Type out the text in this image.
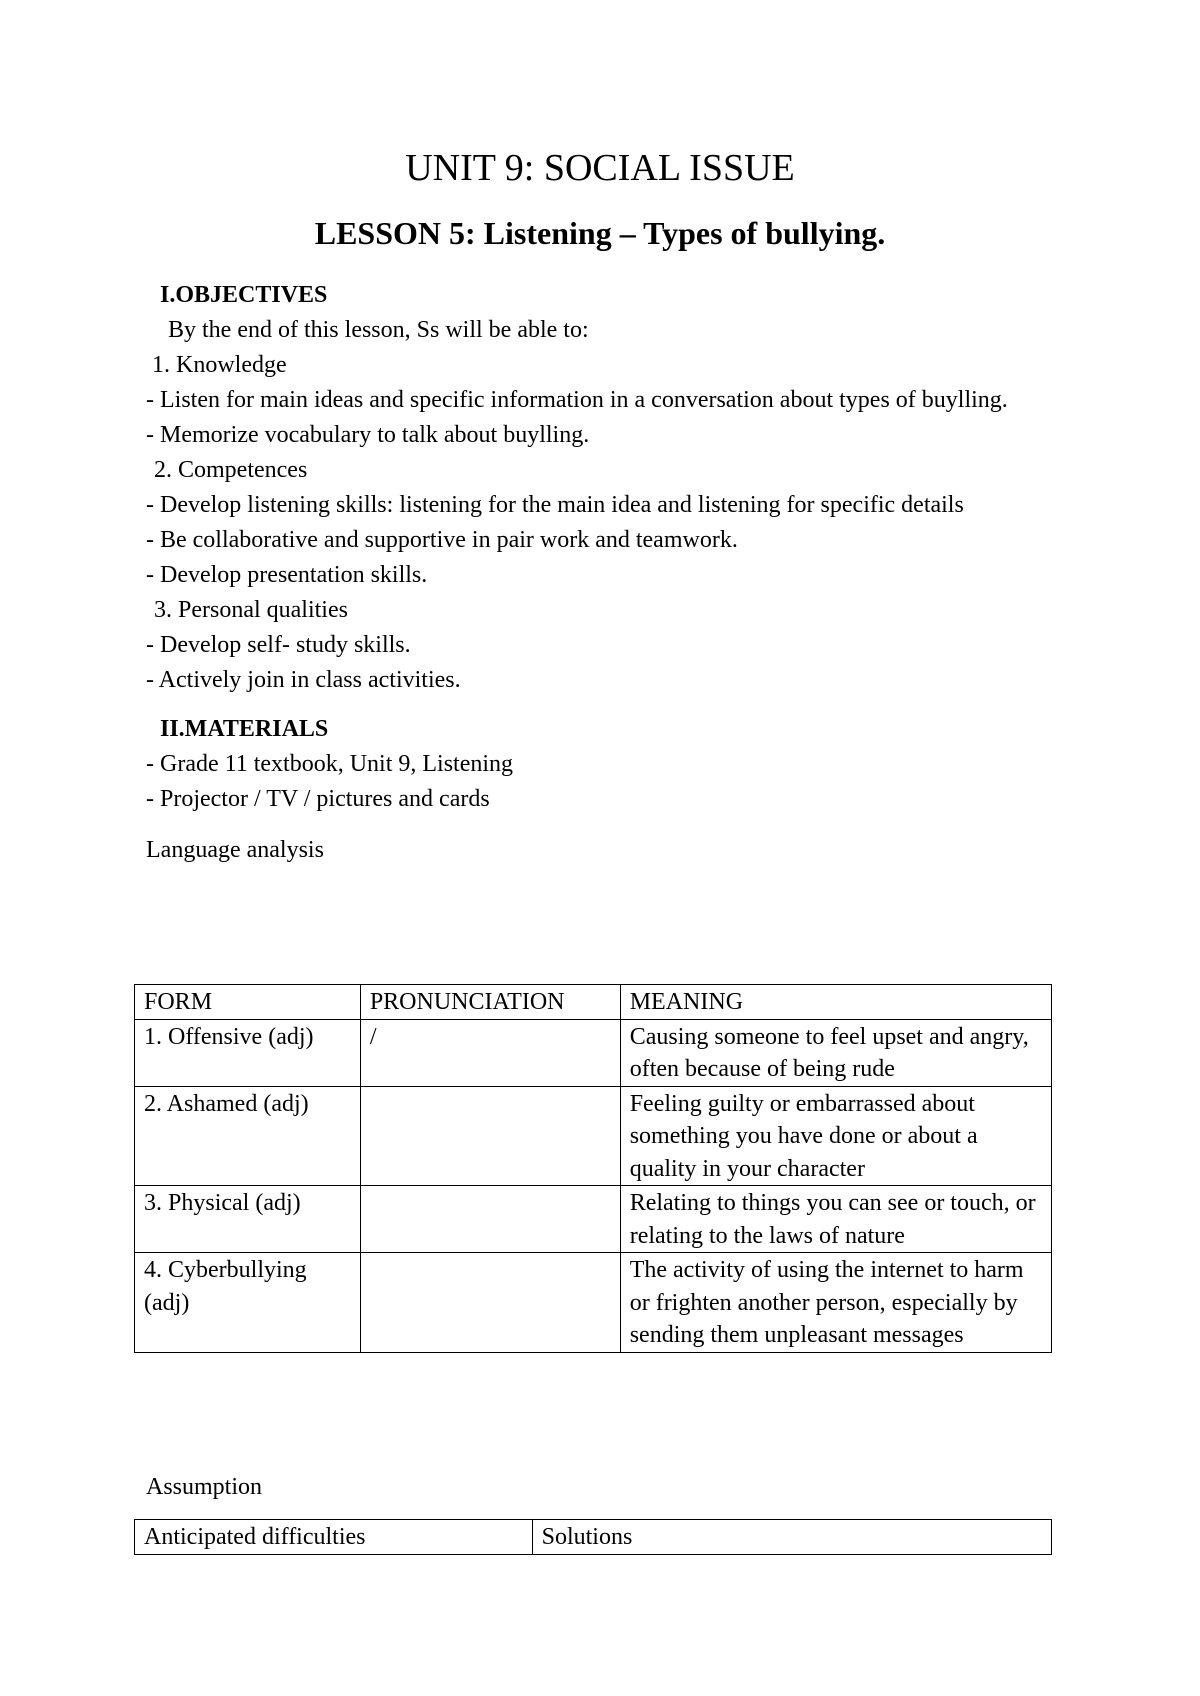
UNIT 9: SOCIAL ISSUE
LESSON 5: Listening – Types of bullying.

I.OBJECTIVES

By the end of this lesson, Ss will be able to:

1. Knowledge

- Listen for main ideas and specific information in a conversation about types of buylling.

- Memorize vocabulary to talk about buylling.

2. Competences

- Develop listening skills: listening for the main idea and listening for specific details

- Be collaborative and supportive in pair work and teamwork.

- Develop presentation skills.

3. Personal qualities

- Develop self- study skills.

- Actively join in class activities.

II.MATERIALS

- Grade 11 textbook, Unit 9, Listening

- Projector / TV / pictures and cards

Language analysis

FORM	PRONUNCIATION	MEANING
1. Offensive (adj)	/	Causing someone to feel upset and angry, often because of being rude
2. Ashamed (adj)		Feeling guilty or embarrassed about something you have done or about a quality in your character
3. Physical (adj)		Relating to things you can see or touch, or relating to the laws of nature
4. Cyberbullying (adj)		The activity of using the internet to harm or frighten another person, especially by sending them unpleasant messages
Assumption
Anticipated difficulties	Solutions
